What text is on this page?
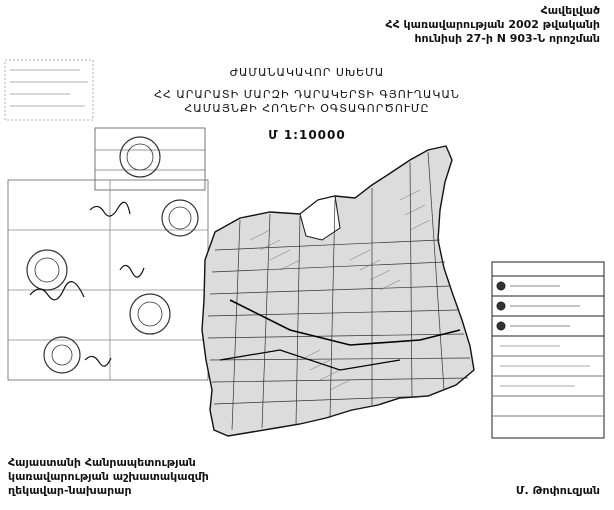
Հավելված
ՀՀ կառավարության 2002 թվականի
հունիսի 27-ի N 903-Ն որոշման
ԺԱՄԱՆԱԿԱՎՈՐ ՍԽԵՄԱ
ՀՀ ԱՐԱՐԱՏԻ ՄԱՐԶԻ ԴԱՐԱԿԵՐՏԻ ԳՅՈՒՂԱԿԱՆ
ՀԱՄԱՅՆՔԻ ՀՈՂԵՐԻ ՕԳՏԱԳՈՐԾՈՒՄԸ
Մ 1:10000
Հայաստանի Հանրապետության
կառավարության աշխատակազմի
ղեկավար-նախարար	Մ. Թոփուզյան
